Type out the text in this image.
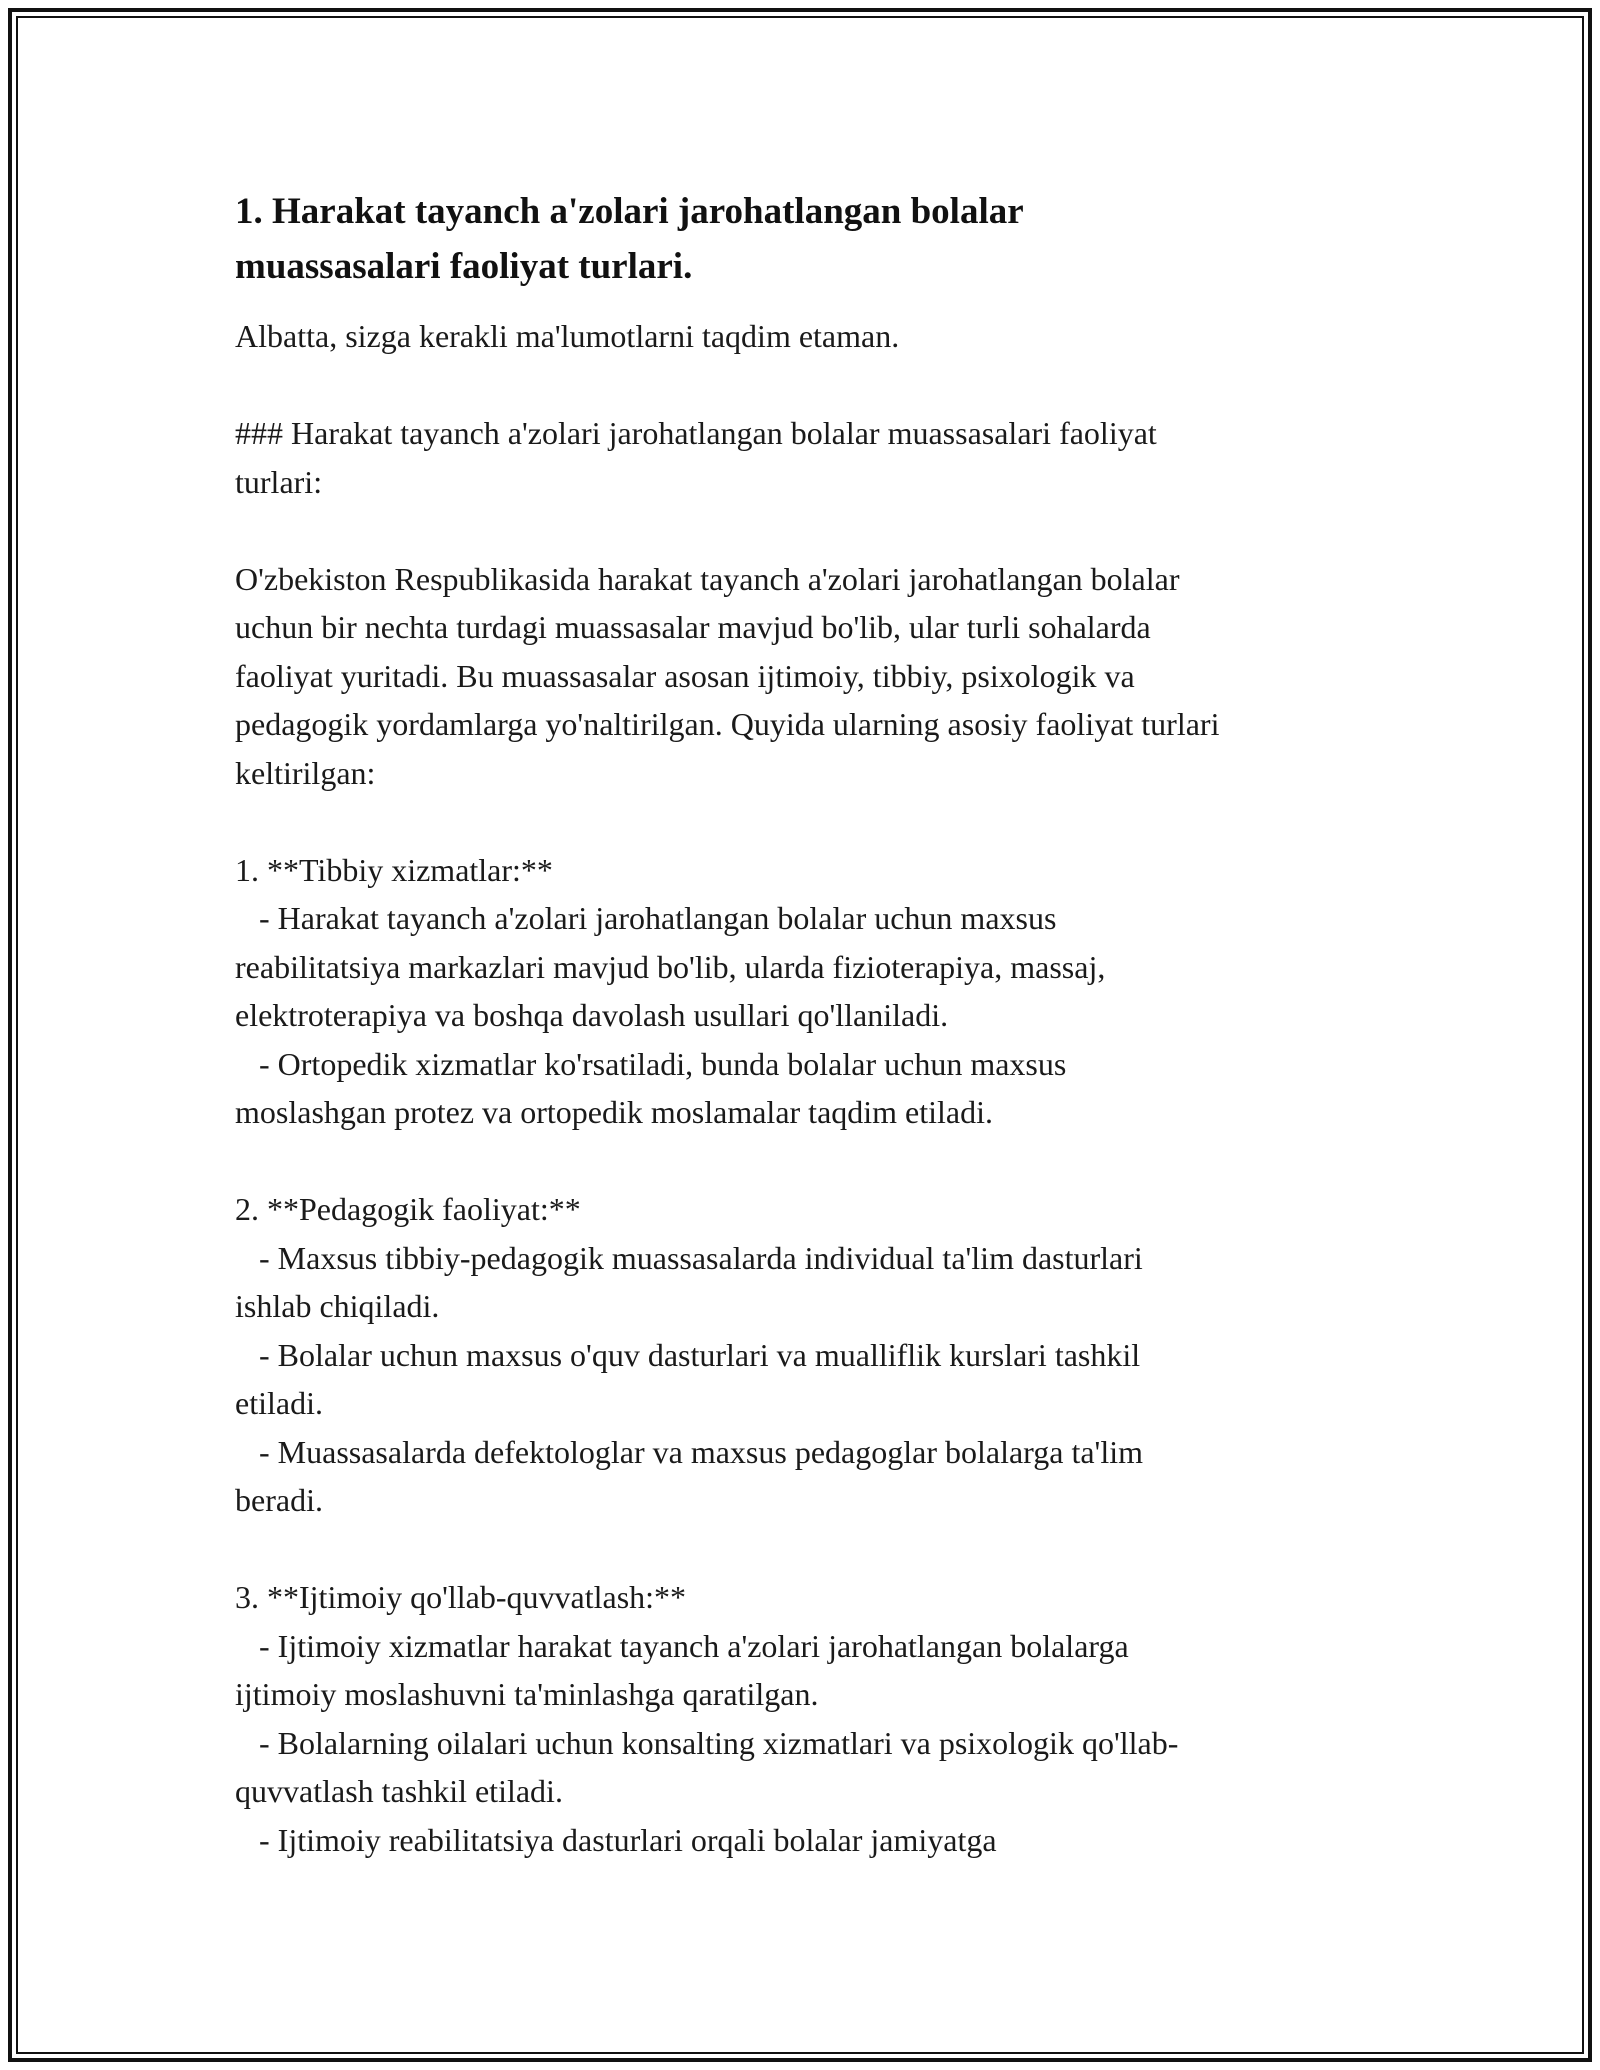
1. Harakat tayanch a'zolari jarohatlangan bolalar muassasalari faoliyat turlari.
Albatta, sizga kerakli ma'lumotlarni taqdim etaman.

### Harakat tayanch a'zolari jarohatlangan bolalar muassasalari faoliyat
turlari:

O'zbekiston Respublikasida harakat tayanch a'zolari jarohatlangan bolalar
uchun bir nechta turdagi muassasalar mavjud bo'lib, ular turli sohalarda
faoliyat yuritadi. Bu muassasalar asosan ijtimoiy, tibbiy, psixologik va
pedagogik yordamlarga yo'naltirilgan. Quyida ularning asosiy faoliyat turlari
keltirilgan:

1. **Tibbiy xizmatlar:**
- Harakat tayanch a'zolari jarohatlangan bolalar uchun maxsus
reabilitatsiya markazlari mavjud bo'lib, ularda fizioterapiya, massaj,
elektroterapiya va boshqa davolash usullari qo'llaniladi.
- Ortopedik xizmatlar ko'rsatiladi, bunda bolalar uchun maxsus
moslashgan protez va ortopedik moslamalar taqdim etiladi.

2. **Pedagogik faoliyat:**
- Maxsus tibbiy-pedagogik muassasalarda individual ta'lim dasturlari
ishlab chiqiladi.
- Bolalar uchun maxsus o'quv dasturlari va mualliflik kurslari tashkil
etiladi.
- Muassasalarda defektologlar va maxsus pedagoglar bolalarga ta'lim
beradi.

3. **Ijtimoiy qo'llab-quvvatlash:**
- Ijtimoiy xizmatlar harakat tayanch a'zolari jarohatlangan bolalarga
ijtimoiy moslashuvni ta'minlashga qaratilgan.
- Bolalarning oilalari uchun konsalting xizmatlari va psixologik qo'llab-
quvvatlash tashkil etiladi.
- Ijtimoiy reabilitatsiya dasturlari orqali bolalar jamiyatga
